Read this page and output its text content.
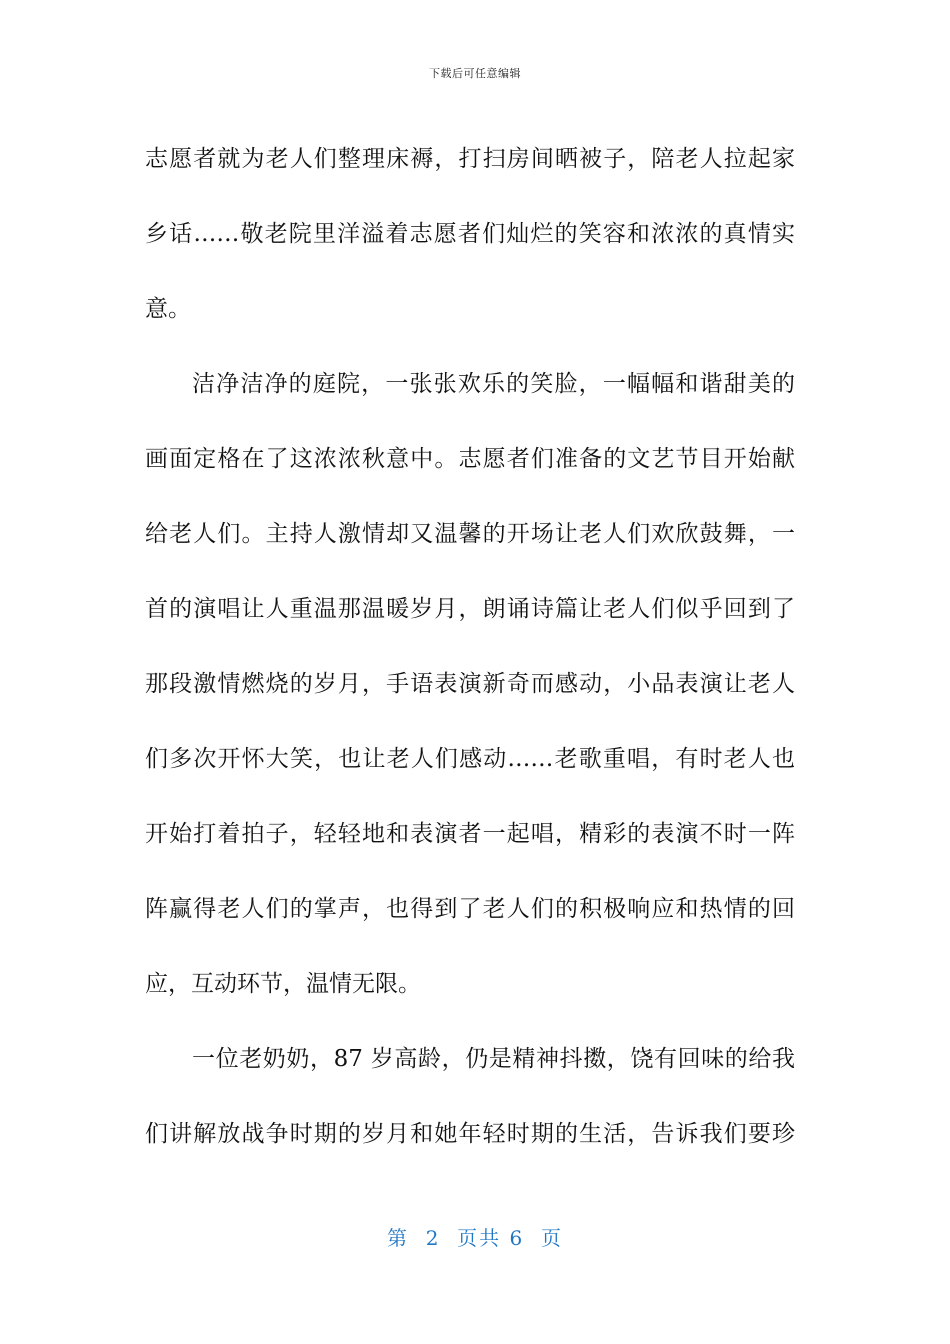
下载后可任意编辑
志愿者就为老人们整理床褥，打扫房间晒被子，陪老人拉起家
乡话……敬老院里洋溢着志愿者们灿烂的笑容和浓浓的真情实
意。
洁净洁净的庭院，一张张欢乐的笑脸，一幅幅和谐甜美的
画面定格在了这浓浓秋意中。志愿者们准备的文艺节目开始献
给老人们。主持人激情却又温馨的开场让老人们欢欣鼓舞，一
首的演唱让人重温那温暖岁月，朗诵诗篇让老人们似乎回到了
那段激情燃烧的岁月，手语表演新奇而感动，小品表演让老人
们多次开怀大笑，也让老人们感动……老歌重唱，有时老人也
开始打着拍子，轻轻地和表演者一起唱，精彩的表演不时一阵
阵赢得老人们的掌声，也得到了老人们的积极响应和热情的回
应，互动环节，温情无限。
一位老奶奶，87 岁高龄，仍是精神抖擞，饶有回味的给我
们讲解放战争时期的岁月和她年轻时期的生活，告诉我们要珍
第  2  页共 6  页
